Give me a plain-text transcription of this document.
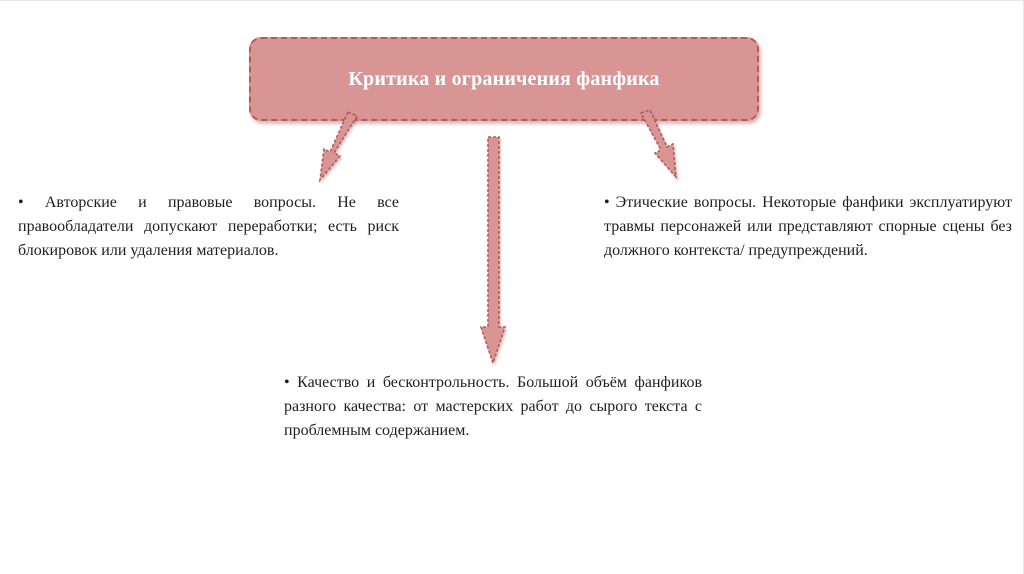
Критика и ограничения фанфика
• Авторские и правовые вопросы. Не все правообладатели допускают переработки; есть риск блокировок или удаления материалов.
• Этические вопросы. Некоторые фанфики эксплуатируют травмы персонажей или представляют спорные сцены без должного контекста/ предупреждений.
• Качество и бесконтрольность. Большой объём фанфиков разного качества: от мастерских работ до сырого текста с проблемным содержанием.
